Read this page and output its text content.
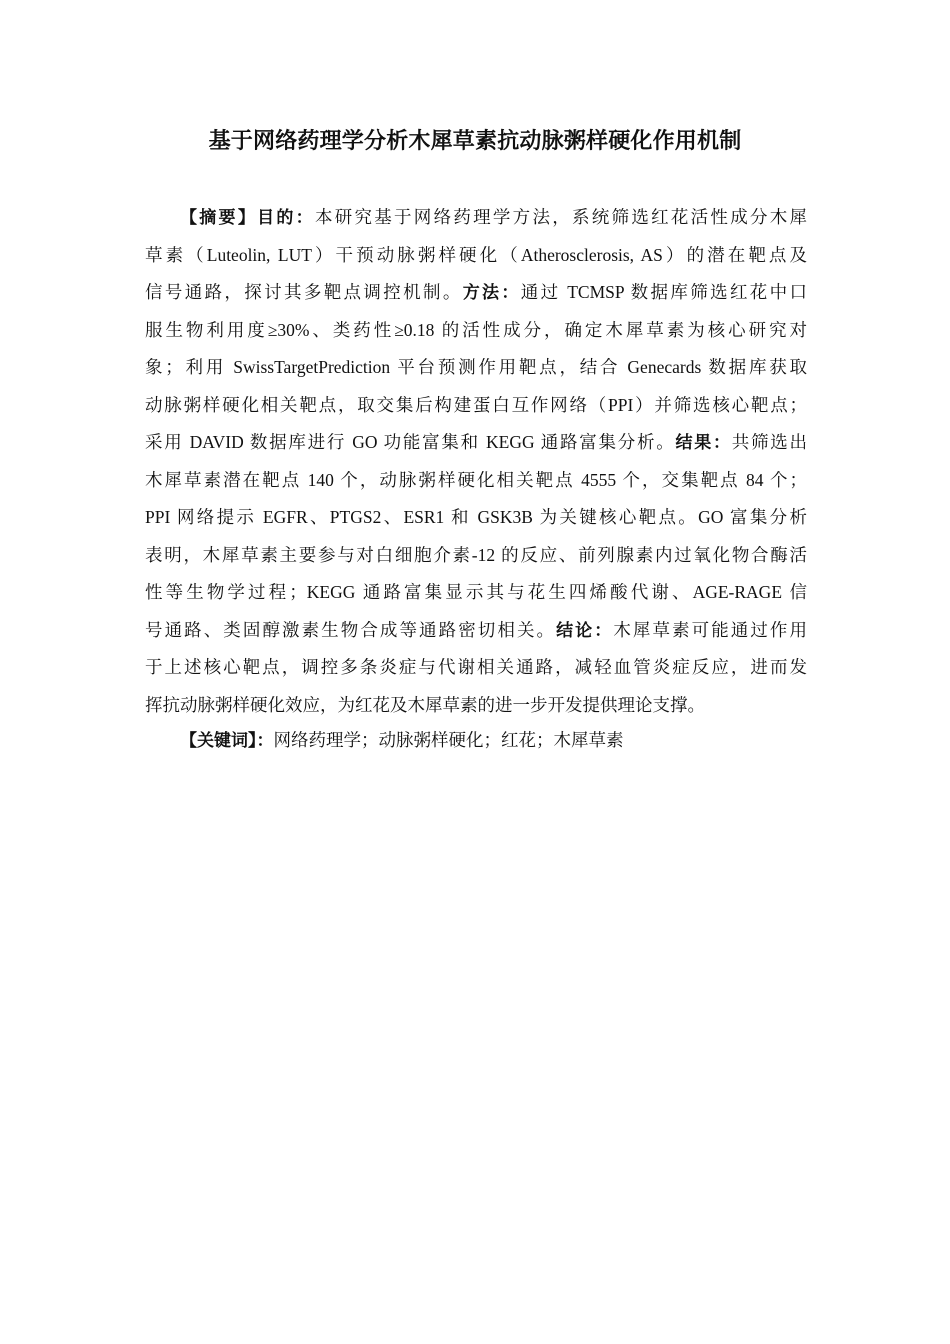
基于网络药理学分析木犀草素抗动脉粥样硬化作用机制
【摘要】目的：本研究基于网络药理学方法，系统筛选红花活性成分木犀
草素（Luteolin, LUT）干预动脉粥样硬化（Atherosclerosis, AS）的潜在靶点及
信号通路，探讨其多靶点调控机制。方法：通过 TCMSP 数据库筛选红花中口
服生物利用度≥30%、类药性≥0.18 的活性成分，确定木犀草素为核心研究对
象；利用 SwissTargetPrediction 平台预测作用靶点，结合 Genecards 数据库获取
动脉粥样硬化相关靶点，取交集后构建蛋白互作网络（PPI）并筛选核心靶点；
采用 DAVID 数据库进行 GO 功能富集和 KEGG 通路富集分析。结果：共筛选出
木犀草素潜在靶点 140 个，动脉粥样硬化相关靶点 4555 个，交集靶点 84 个；
PPI 网络提示 EGFR、PTGS2、ESR1 和 GSK3B 为关键核心靶点。GO 富集分析
表明，木犀草素主要参与对白细胞介素-12 的反应、前列腺素内过氧化物合酶活
性等生物学过程；KEGG 通路富集显示其与花生四烯酸代谢、AGE-RAGE 信
号通路、类固醇激素生物合成等通路密切相关。结论：木犀草素可能通过作用
于上述核心靶点，调控多条炎症与代谢相关通路，减轻血管炎症反应，进而发
挥抗动脉粥样硬化效应，为红花及木犀草素的进一步开发提供理论支撑。
【关键词】：网络药理学；动脉粥样硬化；红花；木犀草素
